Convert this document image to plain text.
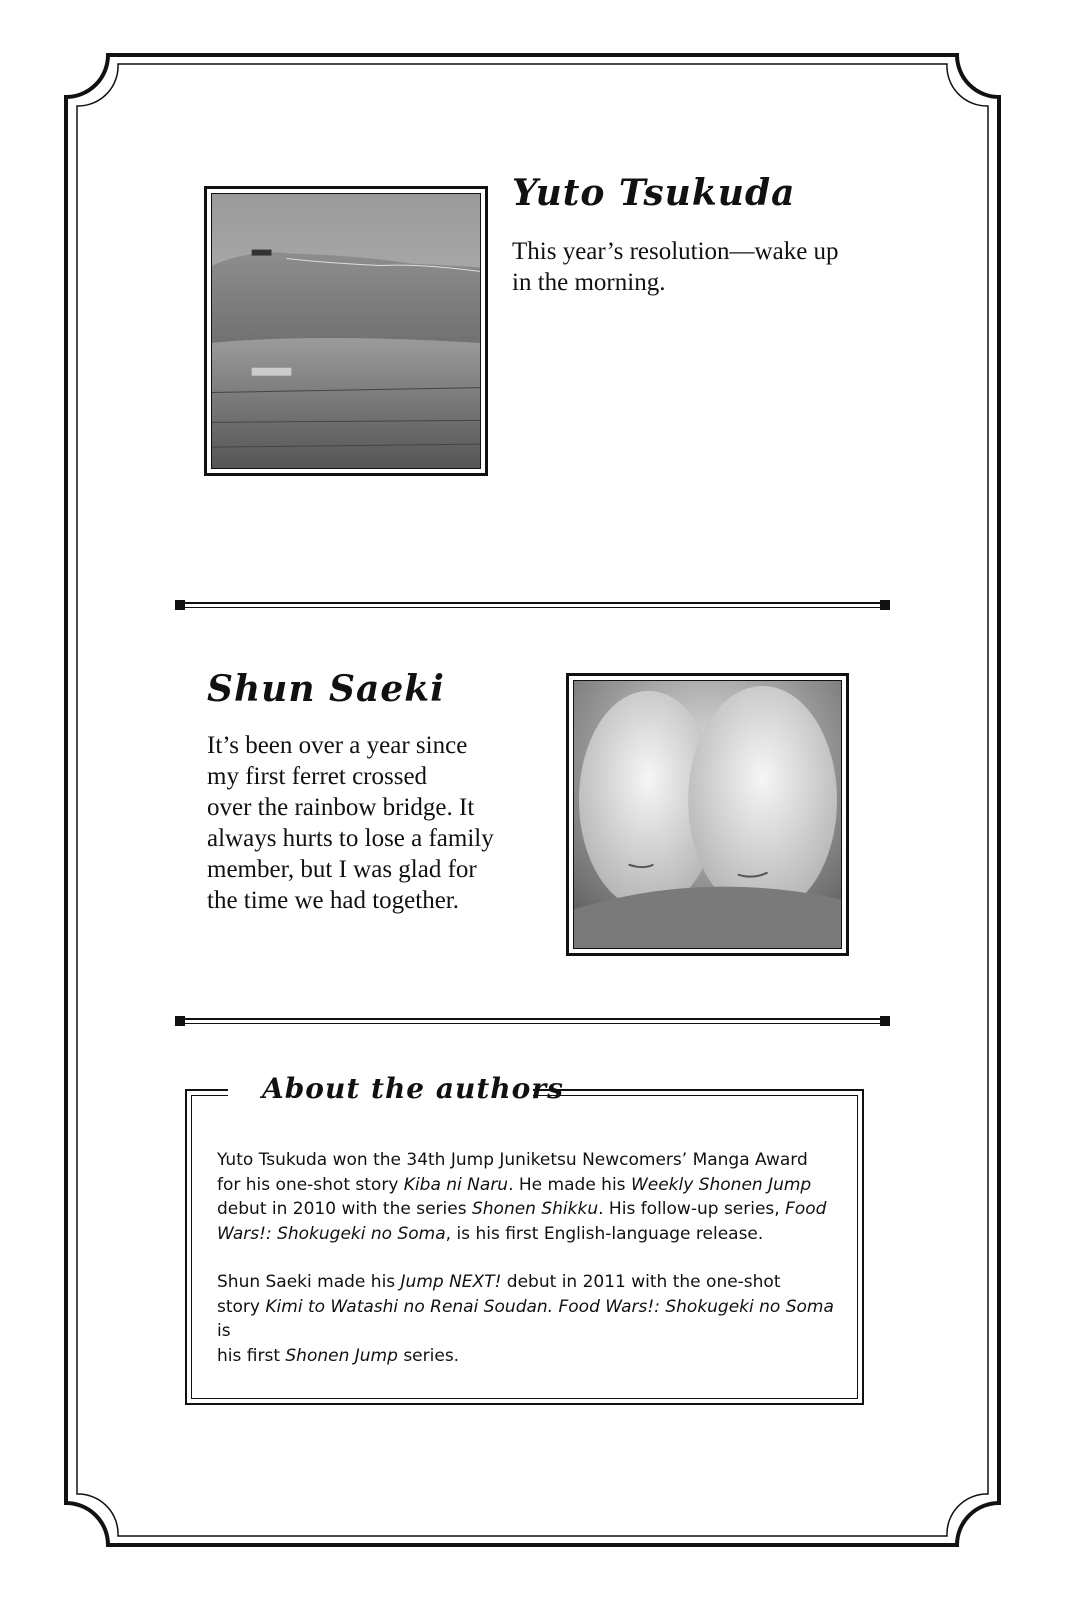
Yuto Tsukuda
This year’s resolution—wake up
in the morning.
Shun Saeki
It’s been over a year since
my first ferret crossed
over the rainbow bridge. It
always hurts to lose a family
member, but I was glad for
the time we had together.
About the authors
Yuto Tsukuda won the 34th Jump Juniketsu Newcomers’ Manga Award
for his one-shot story Kiba ni Naru. He made his Weekly Shonen Jump
debut in 2010 with the series Shonen Shikku. His follow-up series, Food
Wars!: Shokugeki no Soma, is his first English-language release.
Shun Saeki made his Jump NEXT! debut in 2011 with the one-shot
story Kimi to Watashi no Renai Soudan. Food Wars!: Shokugeki no Soma is
his first Shonen Jump series.
